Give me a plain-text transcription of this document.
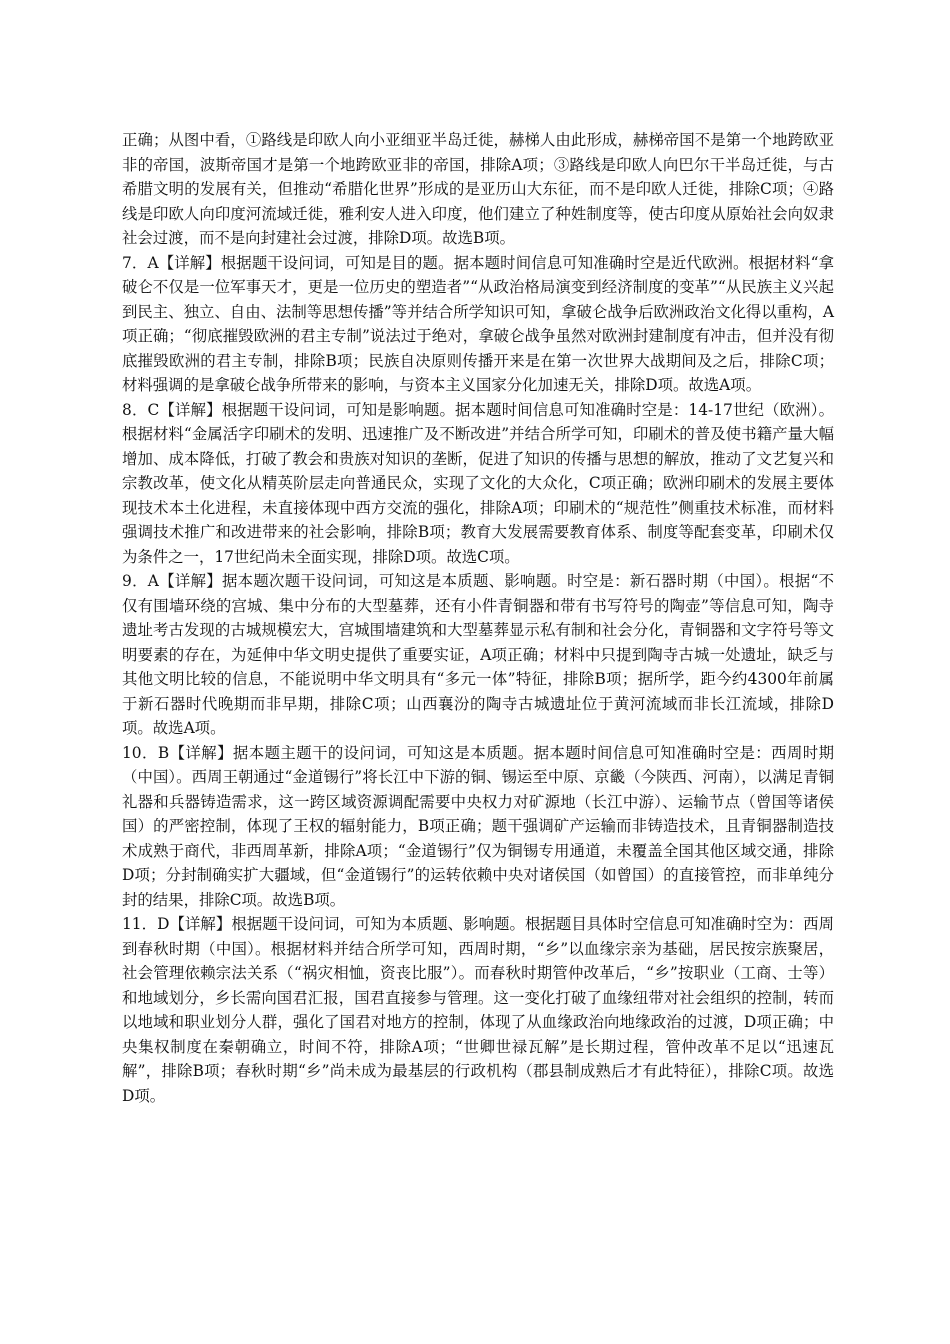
正确；从图中看，①路线是印欧人向小亚细亚半岛迁徙，赫梯人由此形成，赫梯帝国不是第一个地跨欧亚非的帝国，波斯帝国才是第一个地跨欧亚非的帝国，排除A项；③路线是印欧人向巴尔干半岛迁徙，与古希腊文明的发展有关，但推动“希腊化世界”形成的是亚历山大东征，而不是印欧人迁徙，排除C项；④路线是印欧人向印度河流域迁徙，雅利安人进入印度，他们建立了种姓制度等，使古印度从原始社会向奴隶社会过渡，而不是向封建社会过渡，排除D项。故选B项。

7．A【详解】根据题干设问词，可知是目的题。据本题时间信息可知准确时空是近代欧洲。根据材料“拿破仑不仅是一位军事天才，更是一位历史的塑造者”“从政治格局演变到经济制度的变革”“从民族主义兴起到民主、独立、自由、法制等思想传播”等并结合所学知识可知，拿破仑战争后欧洲政治文化得以重构，A项正确；“彻底摧毁欧洲的君主专制”说法过于绝对，拿破仑战争虽然对欧洲封建制度有冲击，但并没有彻底摧毁欧洲的君主专制，排除B项；民族自决原则传播开来是在第一次世界大战期间及之后，排除C项；材料强调的是拿破仑战争所带来的影响，与资本主义国家分化加速无关，排除D项。故选A项。

8．C【详解】根据题干设问词，可知是影响题。据本题时间信息可知准确时空是：14-17世纪（欧洲）。根据材料“金属活字印刷术的发明、迅速推广及不断改进”并结合所学可知，印刷术的普及使书籍产量大幅增加、成本降低，打破了教会和贵族对知识的垄断，促进了知识的传播与思想的解放，推动了文艺复兴和宗教改革，使文化从精英阶层走向普通民众，实现了文化的大众化，C项正确；欧洲印刷术的发展主要体现技术本土化进程，未直接体现中西方交流的强化，排除A项；印刷术的“规范性”侧重技术标准，而材料强调技术推广和改进带来的社会影响，排除B项；教育大发展需要教育体系、制度等配套变革，印刷术仅为条件之一，17世纪尚未全面实现，排除D项。故选C项。

9．A【详解】据本题次题干设问词，可知这是本质题、影响题。时空是：新石器时期（中国）。根据“不仅有围墙环绕的宫城、集中分布的大型墓葬，还有小件青铜器和带有书写符号的陶壶”等信息可知，陶寺遗址考古发现的古城规模宏大，宫城围墙建筑和大型墓葬显示私有制和社会分化，青铜器和文字符号等文明要素的存在，为延伸中华文明史提供了重要实证，A项正确；材料中只提到陶寺古城一处遗址，缺乏与其他文明比较的信息，不能说明中华文明具有“多元一体”特征，排除B项；据所学，距今约4300年前属于新石器时代晚期而非早期，排除C项；山西襄汾的陶寺古城遗址位于黄河流域而非长江流域，排除D项。故选A项。

10．B【详解】据本题主题干的设问词，可知这是本质题。据本题时间信息可知准确时空是：西周时期（中国）。西周王朝通过“金道锡行”将长江中下游的铜、锡运至中原、京畿（今陕西、河南），以满足青铜礼器和兵器铸造需求，这一跨区域资源调配需要中央权力对矿源地（长江中游）、运输节点（曾国等诸侯国）的严密控制，体现了王权的辐射能力，B项正确；题干强调矿产运输而非铸造技术，且青铜器制造技术成熟于商代，非西周革新，排除A项；“金道锡行”仅为铜锡专用通道，未覆盖全国其他区域交通，排除D项；分封制确实扩大疆域，但“金道锡行”的运转依赖中央对诸侯国（如曾国）的直接管控，而非单纯分封的结果，排除C项。故选B项。

11．D【详解】根据题干设问词，可知为本质题、影响题。根据题目具体时空信息可知准确时空为：西周到春秋时期（中国）。根据材料并结合所学可知，西周时期，“乡”以血缘宗亲为基础，居民按宗族聚居，社会管理依赖宗法关系（“祸灾相恤，资丧比服”）。而春秋时期管仲改革后，“乡”按职业（工商、士等）和地域划分，乡长需向国君汇报，国君直接参与管理。这一变化打破了血缘纽带对社会组织的控制，转而以地域和职业划分人群，强化了国君对地方的控制，体现了从血缘政治向地缘政治的过渡，D项正确；中央集权制度在秦朝确立，时间不符，排除A项；“世卿世禄瓦解”是长期过程，管仲改革不足以“迅速瓦解”，排除B项；春秋时期“乡”尚未成为最基层的行政机构（郡县制成熟后才有此特征），排除C项。故选D项。
